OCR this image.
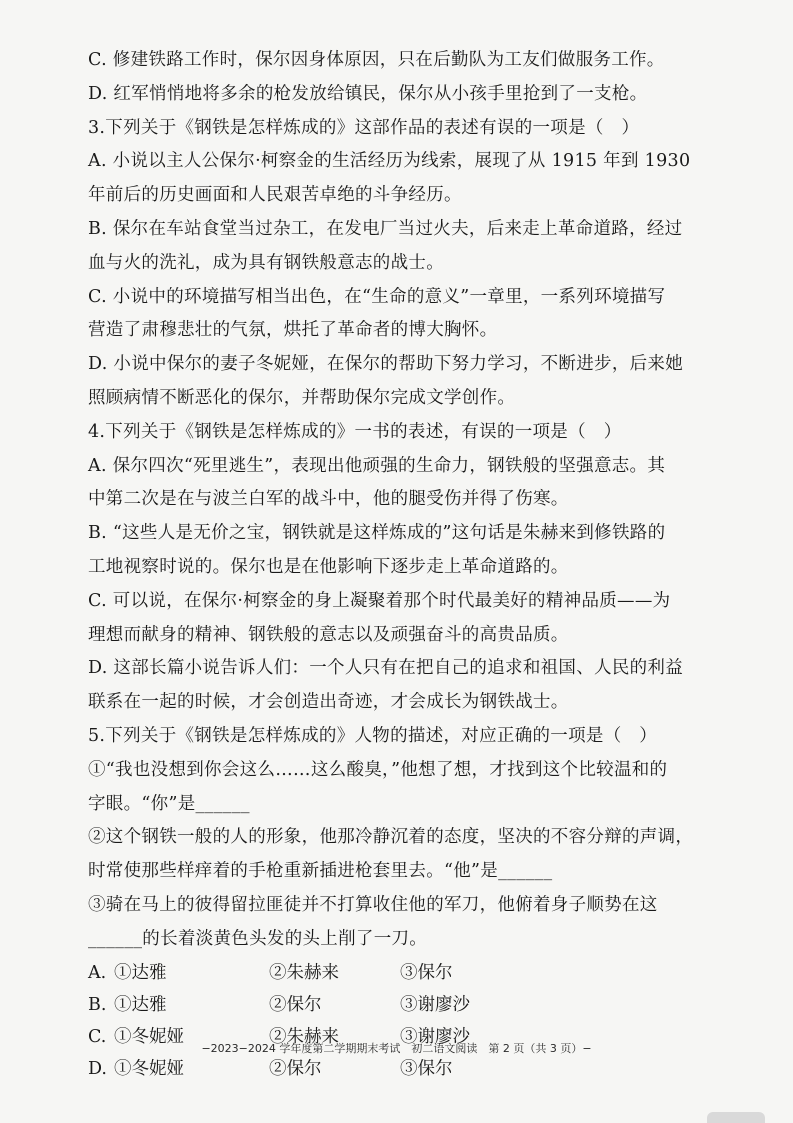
C. 修建铁路工作时，保尔因身体原因，只在后勤队为工友们做服务工作。
D. 红军悄悄地将多余的枪发放给镇民，保尔从小孩手里抢到了一支枪。
3.下列关于《钢铁是怎样炼成的》这部作品的表述有误的一项是（　）
A. 小说以主人公保尔·柯察金的生活经历为线索，展现了从 1915 年到 1930
年前后的历史画面和人民艰苦卓绝的斗争经历。
B. 保尔在车站食堂当过杂工，在发电厂当过火夫，后来走上革命道路，经过
血与火的洗礼，成为具有钢铁般意志的战士。
C. 小说中的环境描写相当出色，在“生命的意义”一章里，一系列环境描写
营造了肃穆悲壮的气氛，烘托了革命者的博大胸怀。
D. 小说中保尔的妻子冬妮娅，在保尔的帮助下努力学习，不断进步，后来她
照顾病情不断恶化的保尔，并帮助保尔完成文学创作。
4.下列关于《钢铁是怎样炼成的》一书的表述，有误的一项是（　）
A. 保尔四次“死里逃生”，表现出他顽强的生命力，钢铁般的坚强意志。其
中第二次是在与波兰白军的战斗中，他的腿受伤并得了伤寒。
B. “这些人是无价之宝，钢铁就是这样炼成的”这句话是朱赫来到修铁路的
工地视察时说的。保尔也是在他影响下逐步走上革命道路的。
C. 可以说，在保尔·柯察金的身上凝聚着那个时代最美好的精神品质——为
理想而献身的精神、钢铁般的意志以及顽强奋斗的高贵品质。
D. 这部长篇小说告诉人们：一个人只有在把自己的追求和祖国、人民的利益
联系在一起的时候，才会创造出奇迹，才会成长为钢铁战士。
5.下列关于《钢铁是怎样炼成的》人物的描述，对应正确的一项是（　）
①“我也没想到你会这么……这么酸臭，”他想了想，才找到这个比较温和的
字眼。“你”是______
②这个钢铁一般的人的形象，他那冷静沉着的态度，坚决的不容分辩的声调，
时常使那些样痒着的手枪重新插进枪套里去。“他”是______
③骑在马上的彼得留拉匪徒并不打算收住他的军刀，他俯着身子顺势在这
______的长着淡黄色头发的头上削了一刀。
A. ①达雅	②朱赫来	③保尔
B. ①达雅	②保尔	③谢廖沙
C. ①冬妮娅	②朱赫来	③谢廖沙
D. ①冬妮娅	②保尔	③保尔
−2023−2024 学年度第二学期期末考试　初二语文阅读　第 2 页（共 3 页）−
